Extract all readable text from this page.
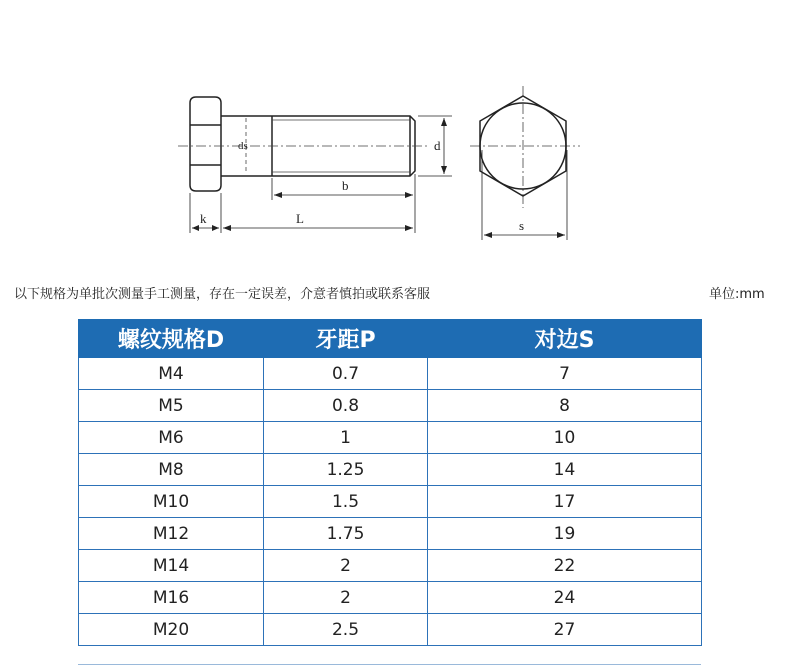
ds	d
b
k	L	s
以下规格为单批次测量手工测量，存在一定误差，介意者慎拍或联系客服	单位:mm
螺纹规格D	牙距P	对边S
M4	0.7	7
M5	0.8	8
M6	1	10
M8	1.25	14
M10	1.5	17
M12	1.75	19
M14	2	22
M16	2	24
M20	2.5	27
